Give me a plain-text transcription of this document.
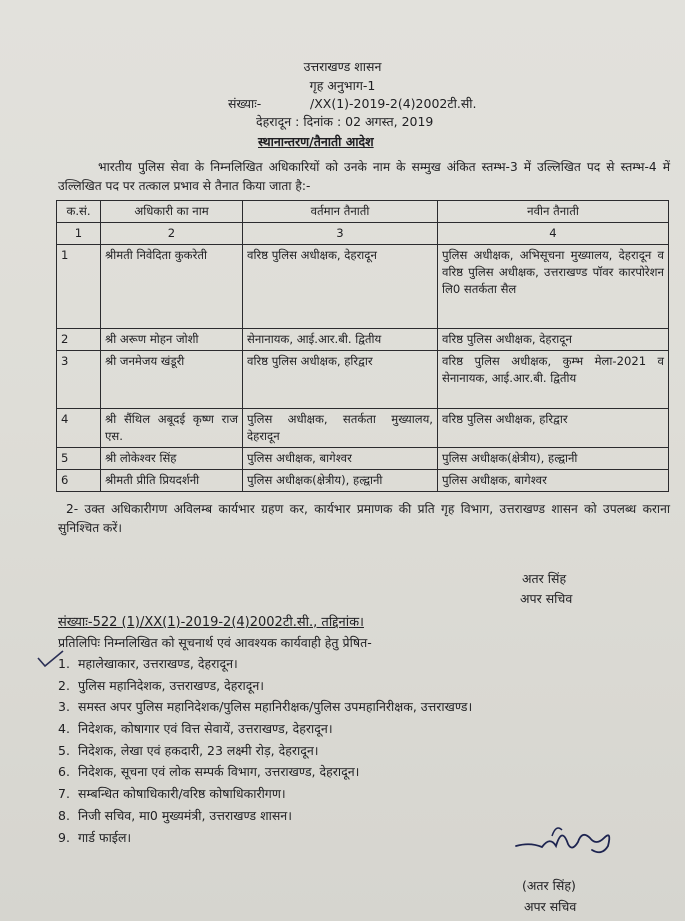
उत्तराखण्ड शासन
गृह अनुभाग-1
संख्याः-	/XX(1)-2019-2(4)2002टी.सी.
देहरादून : दिनांक : 02 अगस्त, 2019
स्थानान्तरण/तैनाती आदेश
भारतीय पुलिस सेवा के निम्नलिखित अधिकारियों को उनके नाम के सम्मुख अंकित स्तम्भ-3 में उल्लिखित पद से स्तम्भ-4 में उल्लिखित पद पर तत्काल प्रभाव से तैनात किया जाता है:-
क.सं.	अधिकारी का नाम	वर्तमान तैनाती	नवीन तैनाती
1	2	3	4
1	श्रीमती निवेदिता कुकरेती	वरिष्ठ पुलिस अधीक्षक, देहरादून	पुलिस अधीक्षक, अभिसूचना मुख्यालय, देहरादून व वरिष्ठ पुलिस अधीक्षक, उत्तराखण्ड पॉवर कारपोरेशन लि0 सतर्कता सैल
2	श्री अरूण मोहन जोशी	सेनानायक, आई.आर.बी. द्वितीय	वरिष्ठ पुलिस अधीक्षक, देहरादून
3	श्री जनमेजय खंडूरी	वरिष्ठ पुलिस अधीक्षक, हरिद्वार	वरिष्ठ पुलिस अधीक्षक, कुम्भ मेला-2021 व सेनानायक, आई.आर.बी. द्वितीय
4	श्री सैंथिल अबूदई कृष्ण राज एस.	पुलिस अधीक्षक, सतर्कता मुख्यालय, देहरादून	वरिष्ठ पुलिस अधीक्षक, हरिद्वार
5	श्री लोकेश्वर सिंह	पुलिस अधीक्षक, बागेश्वर	पुलिस अधीक्षक(क्षेत्रीय), हल्द्वानी
6	श्रीमती प्रीति प्रियदर्शनी	पुलिस अधीक्षक(क्षेत्रीय), हल्द्वानी	पुलिस अधीक्षक, बागेश्वर
2- उक्त अधिकारीगण अविलम्ब कार्यभार ग्रहण कर, कार्यभार प्रमाणक की प्रति गृह विभाग, उत्तराखण्ड शासन को उपलब्ध कराना सुनिश्चित करें।
अतर सिंह
अपर सचिव
संख्याः-522 (1)/XX(1)-2019-2(4)2002टी.सी., तद्दिनांक।
प्रतिलिपिः निम्नलिखित को सूचनार्थ एवं आवश्यक कार्यवाही हेतु प्रेषित-
1. महालेखाकार, उत्तराखण्ड, देहरादून।
2. पुलिस महानिदेशक, उत्तराखण्ड, देहरादून।
3. समस्त अपर पुलिस महानिदेशक/पुलिस महानिरीक्षक/पुलिस उपमहानिरीक्षक, उत्तराखण्ड।
4. निदेशक, कोषागार एवं वित्त सेवायें, उत्तराखण्ड, देहरादून।
5. निदेशक, लेखा एवं हकदारी, 23 लक्ष्मी रोड़, देहरादून।
6. निदेशक, सूचना एवं लोक सम्पर्क विभाग, उत्तराखण्ड, देहरादून।
7. सम्बन्धित कोषाधिकारी/वरिष्ठ कोषाधिकारीगण।
8. निजी सचिव, मा0 मुख्यमंत्री, उत्तराखण्ड शासन।
9. गार्ड फाईल।
(अतर सिंह)
अपर सचिव
